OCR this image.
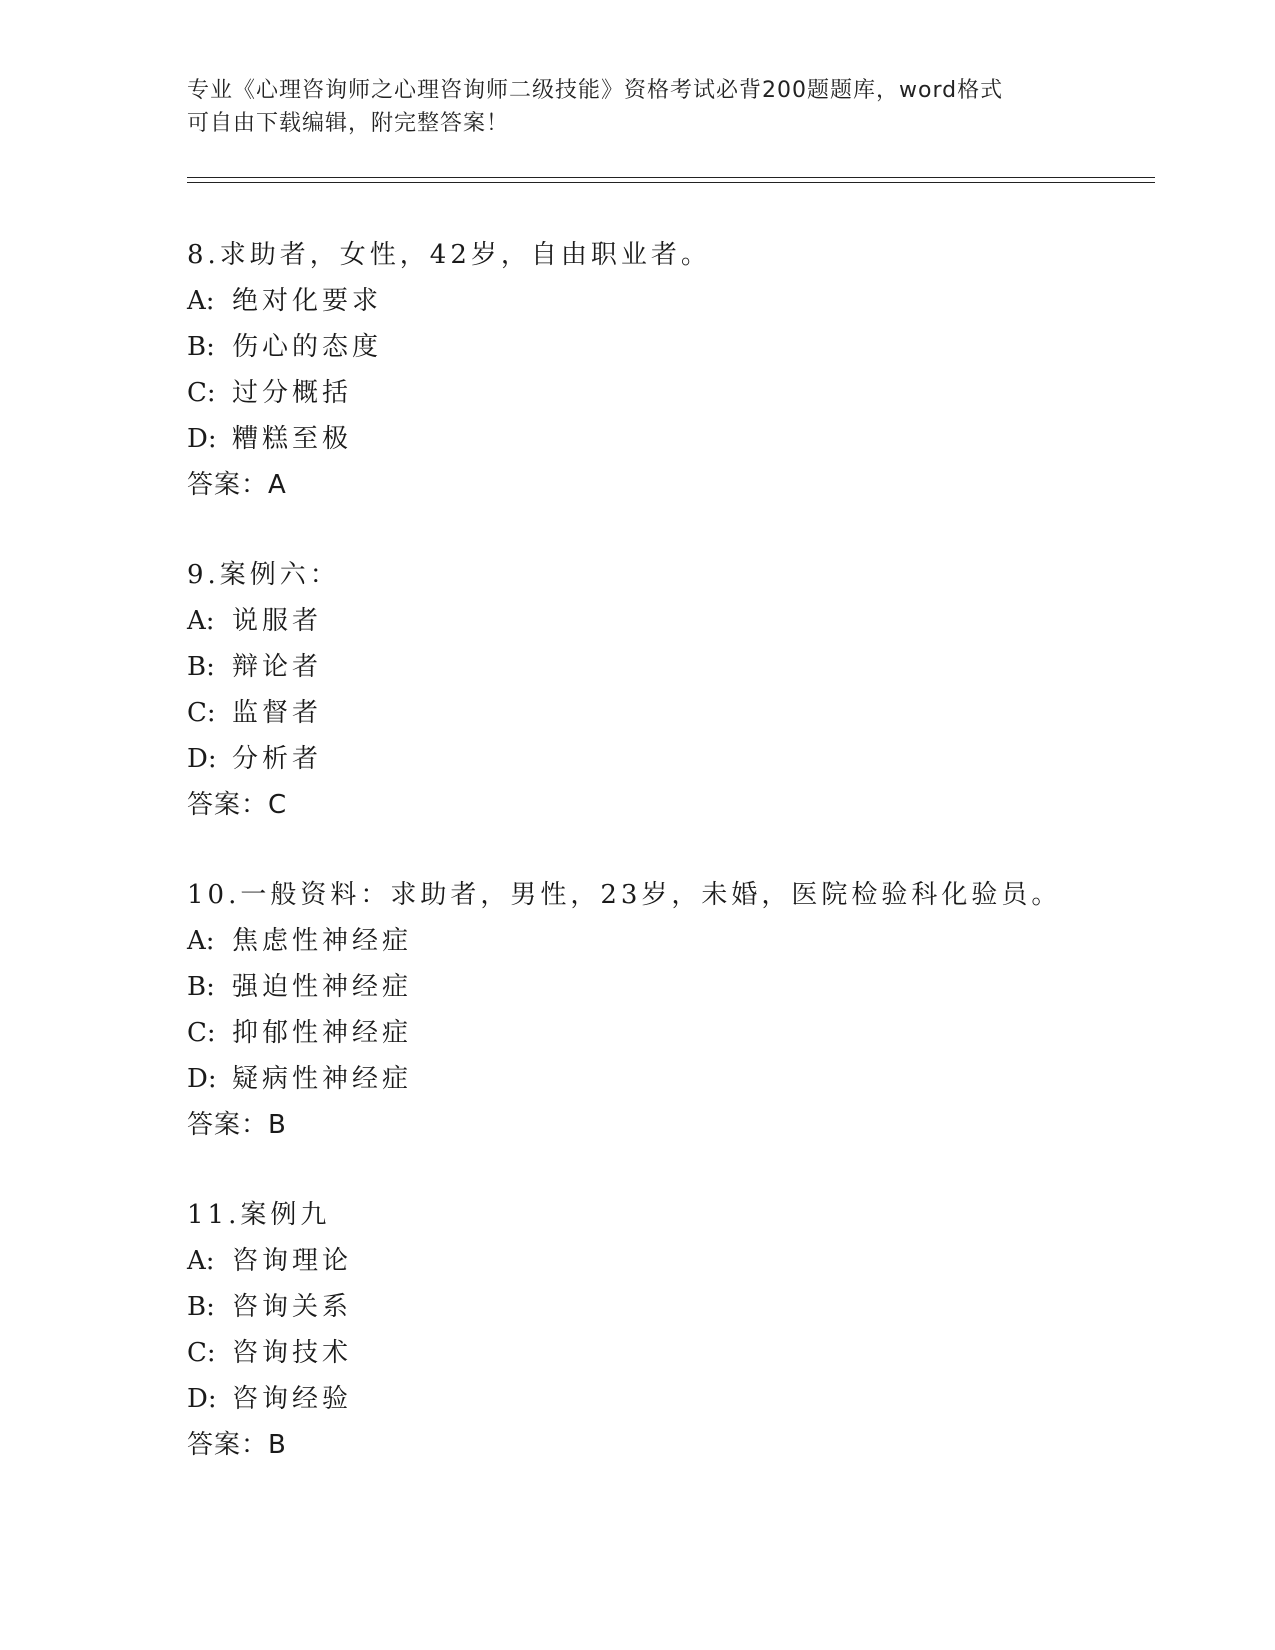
专业《心理咨询师之心理咨询师二级技能》资格考试必背200题题库，word格式
可自由下载编辑，附完整答案！
8.求助者，女性，42岁，自由职业者。
A: 绝对化要求
B: 伤心的态度
C: 过分概括
D: 糟糕至极
答案：A
9.案例六：
A: 说服者
B: 辩论者
C: 监督者
D: 分析者
答案：C
10.一般资料：求助者，男性，23岁，未婚，医院检验科化验员。
A: 焦虑性神经症
B: 强迫性神经症
C: 抑郁性神经症
D: 疑病性神经症
答案：B
11.案例九
A: 咨询理论
B: 咨询关系
C: 咨询技术
D: 咨询经验
答案：B
